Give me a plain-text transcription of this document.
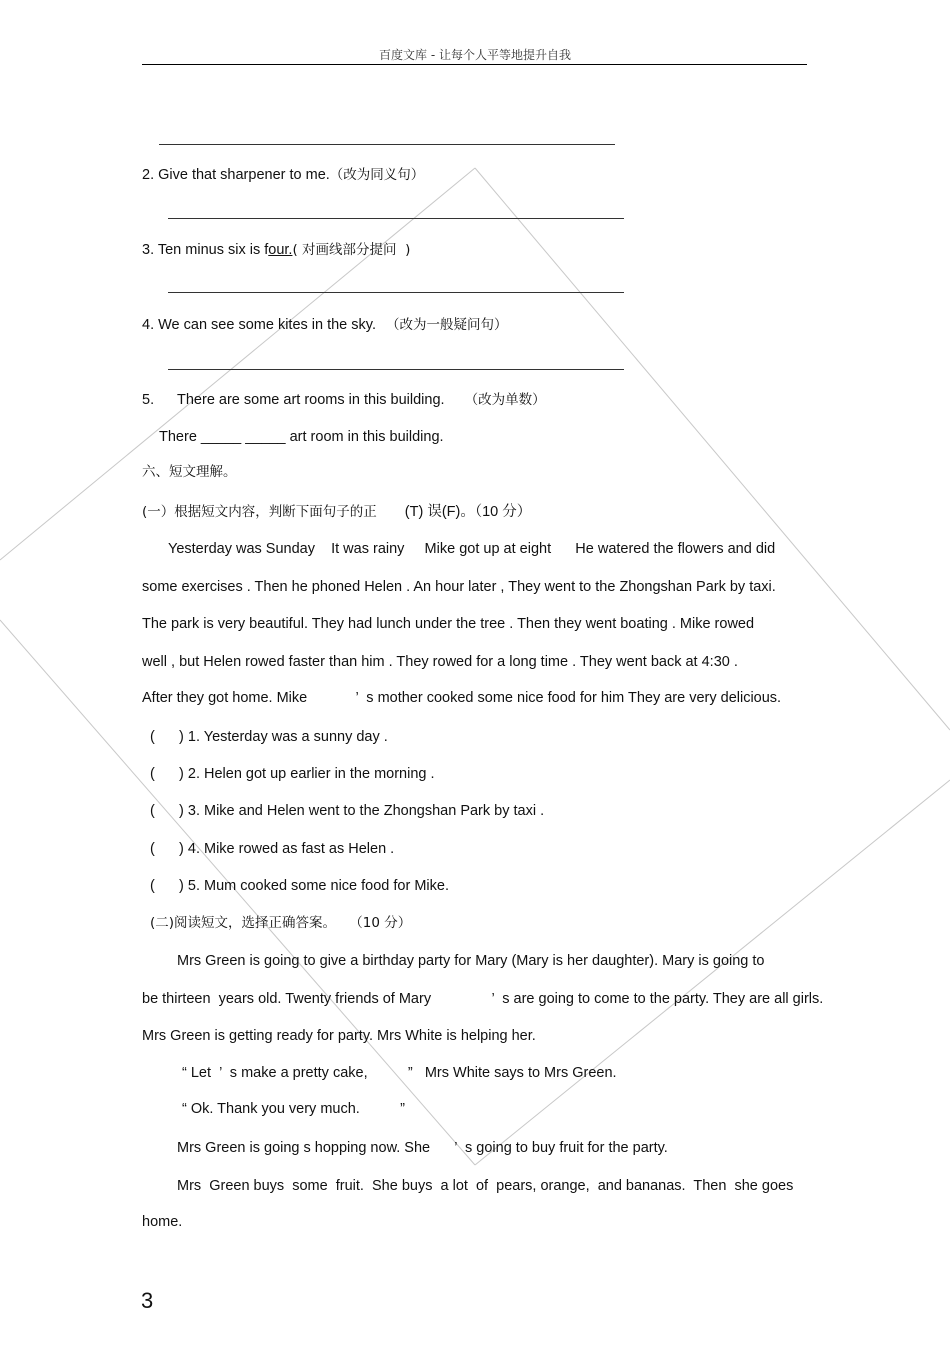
百度文库 - 让每个人平等地提升自我
2. Give that sharpener to me.（改为同义句）
3. Ten minus six is four.( 对画线部分提问  )
4. We can see some kites in the sky. （改为一般疑问句）
5. There are some art rooms in this building. （改为单数）
There _____ _____ art room in this building.
六、短文理解。
(一）根据短文内容，判断下面句子的正 (T) 误(F)。（10 分）
Yesterday was Sunday    It was rainy     Mike got up at eight      He watered the flowers and did
some exercises . Then he phoned Helen . An hour later , They went to the Zhongshan Park by taxi.
The park is very beautiful. They had lunch under the tree . Then they went boating . Mike rowed
well , but Helen rowed faster than him . They rowed for a long time . They went back at 4:30 .
After they got home. Mike            ’  s mother cooked some nice food for him They are very delicious.
(      ) 1. Yesterday was a sunny day .
(      ) 2. Helen got up earlier in the morning .
(      ) 3. Mike and Helen went to the Zhongshan Park by taxi .
(      ) 4. Mike rowed as fast as Helen .
(      ) 5. Mum cooked some nice food for Mike.
(二)阅读短文，选择正确答案。 （10 分）
Mrs Green is going to give a birthday party for Mary (Mary is her daughter). Mary is going to
be thirteen  years old. Twenty friends of Mary               ’  s are going to come to the party. They are all girls.
Mrs Green is getting ready for party. Mrs White is helping her.
“ Let  ’  s make a pretty cake,          ”   Mrs White says to Mrs Green.
“ Ok. Thank you very much.          ”
Mrs Green is going s hopping now. She      ’  s going to buy fruit for the party.
Mrs  Green buys  some  fruit.  She buys  a lot  of  pears, orange,  and bananas.  Then  she goes
home.
3
